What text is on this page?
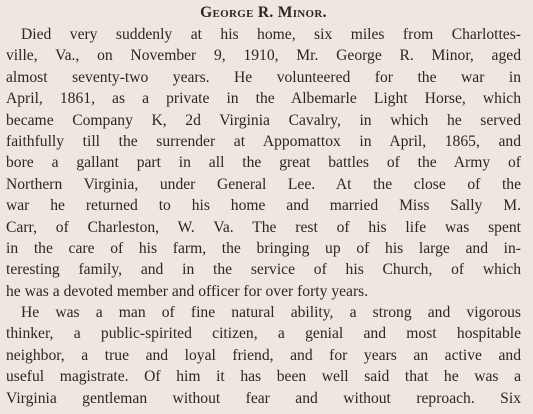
George R. Minor.
Died very suddenly at his home, six miles from Charlottes-
ville, Va., on November 9, 1910, Mr. George R. Minor, aged
almost seventy-two years. He volunteered for the war in
April, 1861, as a private in the Albemarle Light Horse, which
became Company K, 2d Virginia Cavalry, in which he served
faithfully till the surrender at Appomattox in April, 1865, and
bore a gallant part in all the great battles of the Army of
Northern Virginia, under General Lee. At the close of the
war he returned to his home and married Miss Sally M.
Carr, of Charleston, W. Va. The rest of his life was spent
in the care of his farm, the bringing up of his large and in-
teresting family, and in the service of his Church, of which
he was a devoted member and officer for over forty years.
He was a man of fine natural ability, a strong and vigorous
thinker, a public-spirited citizen, a genial and most hospitable
neighbor, a true and loyal friend, and for years an active and
useful magistrate. Of him it has been well said that he was a
Virginia gentleman without fear and without reproach. Six
